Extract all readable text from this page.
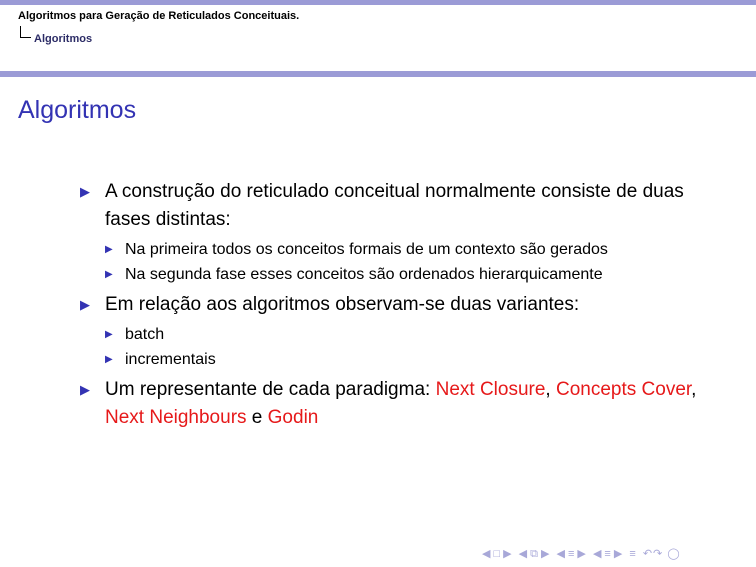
Algoritmos para Geração de Reticulados Conceituais.
Algoritmos
Algoritmos
▶ A construção do reticulado conceitual normalmente consiste de duas fases distintas:
▶ Na primeira todos os conceitos formais de um contexto são gerados
▶ Na segunda fase esses conceitos são ordenados hierarquicamente
▶ Em relação aos algoritmos observam-se duas variantes:
▶ batch
▶ incrementais
▶ Um representante de cada paradigma: Next Closure, Concepts Cover, Next Neighbours e Godin
◀ □ ▶ ◀ ⧉ ▶ ◀ ≡ ▶ ◀ ≡ ▶ ≡ ↶↷ ◯
